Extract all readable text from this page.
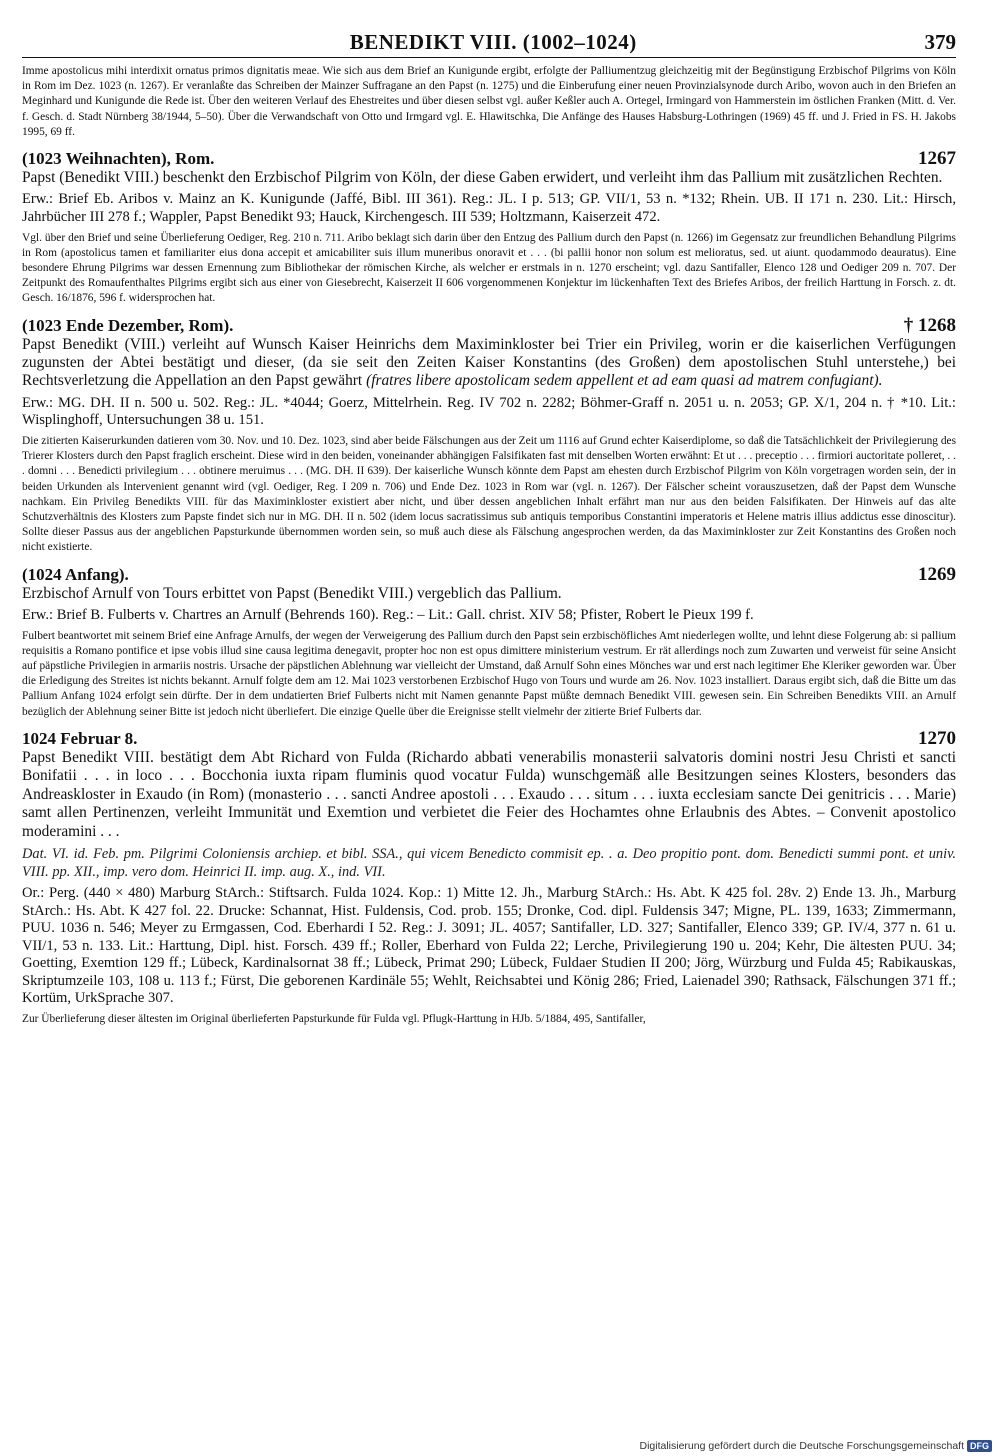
BENEDIKT VIII. (1002–1024)	379

Imme apostolicus mihi interdixit ornatus primos dignitatis meae. Wie sich aus dem Brief an Kunigunde ergibt, erfolgte der Palliumentzug gleichzeitig mit der Begünstigung Erzbischof Pilgrims von Köln in Rom im Dez. 1023 (n. 1267). Er veranlaßte das Schreiben der Mainzer Suffragane an den Papst (n. 1275) und die Einberufung einer neuen Provinzialsynode durch Aribo, wovon auch in den Briefen an Meginhard und Kunigunde die Rede ist. Über den weiteren Verlauf des Ehestreites und über diesen selbst vgl. außer Keßler auch A. Ortegel, Irmingard von Hammerstein im östlichen Franken (Mitt. d. Ver. f. Gesch. d. Stadt Nürnberg 38/1944, 5–50). Über die Verwandschaft von Otto und Irmgard vgl. E. Hlawitschka, Die Anfänge des Hauses Habsburg-Lothringen (1969) 45 ff. und J. Fried in FS. H. Jakobs 1995, 69 ff.

(1023 Weihnachten), Rom.	1267

Papst (Benedikt VIII.) beschenkt den Erzbischof Pilgrim von Köln, der diese Gaben erwidert, und verleiht ihm das Pallium mit zusätzlichen Rechten.

Erw.: Brief Eb. Aribos v. Mainz an K. Kunigunde (Jaffé, Bibl. III 361). Reg.: JL. I p. 513; GP. VII/1, 53 n. *132; Rhein. UB. II 171 n. 230. Lit.: Hirsch, Jahrbücher III 278 f.; Wappler, Papst Benedikt 93; Hauck, Kirchengesch. III 539; Holtzmann, Kaiserzeit 472.

Vgl. über den Brief und seine Überlieferung Oediger, Reg. 210 n. 711. Aribo beklagt sich darin über den Entzug des Pallium durch den Papst (n. 1266) im Gegensatz zur freundlichen Behandlung Pilgrims in Rom (apostolicus tamen et familiariter eius dona accepit et amicabiliter suis illum muneribus onoravit et . . . (bi pallii honor non solum est melioratus, sed. ut aiunt. quodammodo deauratus). Eine besondere Ehrung Pilgrims war dessen Ernennung zum Bibliothekar der römischen Kirche, als welcher er erstmals in n. 1270 erscheint; vgl. dazu Santifaller, Elenco 128 und Oediger 209 n. 707. Der Zeitpunkt des Romaufenthaltes Pilgrims ergibt sich aus einer von Giesebrecht, Kaiserzeit II 606 vorgenommenen Konjektur im lückenhaften Text des Briefes Aribos, der freilich Harttung in Forsch. z. dt. Gesch. 16/1876, 596 f. widersprochen hat.

(1023 Ende Dezember, Rom).	† 1268

Papst Benedikt (VIII.) verleiht auf Wunsch Kaiser Heinrichs dem Maximinkloster bei Trier ein Privileg, worin er die kaiserlichen Verfügungen zugunsten der Abtei bestätigt und dieser, (da sie seit den Zeiten Kaiser Konstantins (des Großen) dem apostolischen Stuhl unterstehe,) bei Rechtsverletzung die Appellation an den Papst gewährt (fratres libere apostolicam sedem appellent et ad eam quasi ad matrem confugiant).

Erw.: MG. DH. II n. 500 u. 502. Reg.: JL. *4044; Goerz, Mittelrhein. Reg. IV 702 n. 2282; Böhmer-Graff n. 2051 u. n. 2053; GP. X/1, 204 n. † *10. Lit.: Wisplinghoff, Untersuchungen 38 u. 151.

Die zitierten Kaiserurkunden datieren vom 30. Nov. und 10. Dez. 1023, sind aber beide Fälschungen aus der Zeit um 1116 auf Grund echter Kaiserdiplome, so daß die Tatsächlichkeit der Privilegierung des Trierer Klosters durch den Papst fraglich erscheint. Diese wird in den beiden, voneinander abhängigen Falsifikaten fast mit denselben Worten erwähnt: Et ut . . . preceptio . . . firmiori auctoritate polleret, . . . domni . . . Benedicti privilegium . . . obtinere meruimus . . . (MG. DH. II 639). Der kaiserliche Wunsch könnte dem Papst am ehesten durch Erzbischof Pilgrim von Köln vorgetragen worden sein, der in beiden Urkunden als Intervenient genannt wird (vgl. Oediger, Reg. I 209 n. 706) und Ende Dez. 1023 in Rom war (vgl. n. 1267). Der Fälscher scheint vorauszusetzen, daß der Papst dem Wunsche nachkam. Ein Privileg Benedikts VIII. für das Maximinkloster existiert aber nicht, und über dessen angeblichen Inhalt erfährt man nur aus den beiden Falsifikaten. Der Hinweis auf das alte Schutzverhältnis des Klosters zum Papste findet sich nur in MG. DH. II n. 502 (idem locus sacratissimus sub antiquis temporibus Constantini imperatoris et Helene matris illius addictus esse dinoscitur). Sollte dieser Passus aus der angeblichen Papsturkunde übernommen worden sein, so muß auch diese als Fälschung angesprochen werden, da das Maximinkloster zur Zeit Konstantins des Großen noch nicht existierte.

(1024 Anfang).	1269

Erzbischof Arnulf von Tours erbittet von Papst (Benedikt VIII.) vergeblich das Pallium.

Erw.: Brief B. Fulberts v. Chartres an Arnulf (Behrends 160). Reg.: – Lit.: Gall. christ. XIV 58; Pfister, Robert le Pieux 199 f.

Fulbert beantwortet mit seinem Brief eine Anfrage Arnulfs, der wegen der Verweigerung des Pallium durch den Papst sein erzbischöfliches Amt niederlegen wollte, und lehnt diese Folgerung ab: si pallium requisitis a Romano pontifice et ipse vobis illud sine causa legitima denegavit, propter hoc non est opus dimittere ministerium vestrum. Er rät allerdings noch zum Zuwarten und verweist für seine Ansicht auf päpstliche Privilegien in armariis nostris. Ursache der päpstlichen Ablehnung war vielleicht der Umstand, daß Arnulf Sohn eines Mönches war und erst nach legitimer Ehe Kleriker geworden war. Über die Erledigung des Streites ist nichts bekannt. Arnulf folgte dem am 12. Mai 1023 verstorbenen Erzbischof Hugo von Tours und wurde am 26. Nov. 1023 installiert. Daraus ergibt sich, daß die Bitte um das Pallium Anfang 1024 erfolgt sein dürfte. Der in dem undatierten Brief Fulberts nicht mit Namen genannte Papst müßte demnach Benedikt VIII. gewesen sein. Ein Schreiben Benedikts VIII. an Arnulf bezüglich der Ablehnung seiner Bitte ist jedoch nicht überliefert. Die einzige Quelle über die Ereignisse stellt vielmehr der zitierte Brief Fulberts dar.

1024 Februar 8.	1270

Papst Benedikt VIII. bestätigt dem Abt Richard von Fulda (Richardo abbati venerabilis monasterii salvatoris domini nostri Jesu Christi et sancti Bonifatii . . . in loco . . . Bocchonia iuxta ripam fluminis quod vocatur Fulda) wunschgemäß alle Besitzungen seines Klosters, besonders das Andreaskloster in Exaudo (in Rom) (monasterio . . . sancti Andree apostoli . . . Exaudo . . . situm . . . iuxta ecclesiam sancte Dei genitricis . . . Marie) samt allen Pertinenzen, verleiht Immunität und Exemtion und verbietet die Feier des Hochamtes ohne Erlaubnis des Abtes. – Convenit apostolico moderamini . . .

Dat. VI. id. Feb. pm. Pilgrimi Coloniensis archiep. et bibl. SSA., qui vicem Benedicto commisit ep. . a. Deo propitio pont. dom. Benedicti summi pont. et univ. VIII. pp. XII., imp. vero dom. Heinrici II. imp. aug. X., ind. VII.

Or.: Perg. (440 × 480) Marburg StArch.: Stiftsarch. Fulda 1024. Kop.: 1) Mitte 12. Jh., Marburg StArch.: Hs. Abt. K 425 fol. 28v. 2) Ende 13. Jh., Marburg StArch.: Hs. Abt. K 427 fol. 22. Drucke: Schannat, Hist. Fuldensis, Cod. prob. 155; Dronke, Cod. dipl. Fuldensis 347; Migne, PL. 139, 1633; Zimmermann, PUU. 1036 n. 546; Meyer zu Ermgassen, Cod. Eberhardi I 52. Reg.: J. 3091; JL. 4057; Santifaller, LD. 327; Santifaller, Elenco 339; GP. IV/4, 377 n. 61 u. VII/1, 53 n. 133. Lit.: Harttung, Dipl. hist. Forsch. 439 ff.; Roller, Eberhard von Fulda 22; Lerche, Privilegierung 190 u. 204; Kehr, Die ältesten PUU. 34; Goetting, Exemtion 129 ff.; Lübeck, Kardinalsornat 38 ff.; Lübeck, Primat 290; Lübeck, Fuldaer Studien II 200; Jörg, Würzburg und Fulda 45; Rabikauskas, Skriptumzeile 103, 108 u. 113 f.; Fürst, Die geborenen Kardinäle 55; Wehlt, Reichsabtei und König 286; Fried, Laienadel 390; Rathsack, Fälschungen 371 ff.; Kortüm, UrkSprache 307.

Zur Überlieferung dieser ältesten im Original überlieferten Papsturkunde für Fulda vgl. Pflugk-Harttung in HJb. 5/1884, 495, Santifaller,

Digitalisierung gefördert durch die Deutsche Forschungsgemeinschaft DFG
